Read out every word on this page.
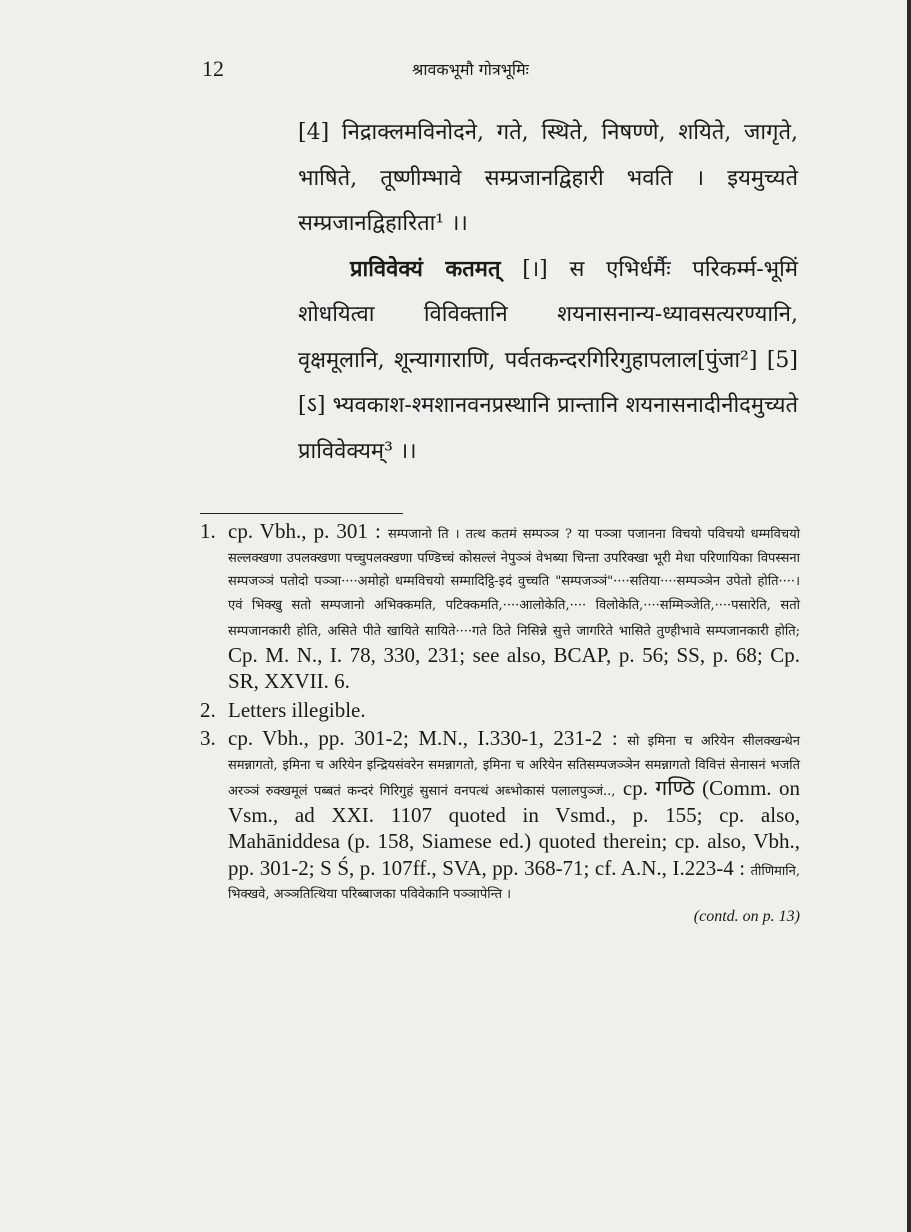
12	श्रावकभूमौ गोत्रभूमिः

[4] निद्राक्लमविनोदने, गते, स्थिते, निषण्णे, शयिते, जागृते, भाषिते, तूष्णीम्भावे सम्प्रजानद्विहारी भवति । इयमुच्यते सम्प्रजानद्विहारिता¹ ।।

प्राविवेक्यं कतमत् [।] स एभिर्धर्मैः परिकर्म्म-भूमिं शोधयित्वा विविक्तानि शयनासनान्य-ध्यावसत्यरण्यानि, वृक्षमूलानि, शून्यागाराणि, पर्वतकन्दरगिरिगुहापलाल[पुंजा²] [5][ऽ] भ्यवकाश-श्मशानवनप्रस्थानि प्रान्तानि शयनासनादीनीदमुच्यते प्राविवेक्यम्³ ।।

1. cp. Vbh., p. 301 : सम्पजानो ति । तत्थ कतमं सम्पञ्ञ ? या पञ्ञा पजानना विचयो पविचयो धम्मविचयो सल्लक्खणा उपलक्खणा पच्चुपलक्खणा पण्डिच्चं कोसल्लं नेपुञ्ञं वेभब्या चिन्ता उपरिक्खा भूरी मेधा परिणायिका विपस्सना सम्पजञ्ञं पतोदो पञ्ञा····अमोहो धम्मविचयो सम्मादिट्ठि-इदं वुच्चति "सम्पजञ्ञं"····सतिया····सम्पञ्ञेन उपेतो होति····। एवं भिक्खु सतो सम्पजानो अभिक्कमति, पटिक्कमति,····आलोकेति,···· विलोकेति,····सम्मिञ्जेति,····पसारेति, सतो सम्पजानकारी होति, असिते पीते खायिते सायिते····गते ठिते निसिन्ने सुत्ते जागरिते भासिते तुण्हीभावे सम्पजानकारी होति; Cp. M. N., I. 78, 330, 231; see also, BCAP, p. 56; SS, p. 68; Cp. SR, XXVII. 6.

2. Letters illegible.

3. cp. Vbh., pp. 301-2; M.N., I.330-1, 231-2 : सो इमिना च अरियेन सीलक्खन्धेन समन्नागतो, इमिना च अरियेन इन्द्रियसंवरेन समन्नागतो, इमिना च अरियेन सतिसम्पजञ्ञेन समन्नागतो विवित्तं सेनासनं भजति अरञ्ञं रुक्खमूलं पब्बतं कन्दरं गिरिगुहं सुसानं वनपत्थं अब्भोकासं पलालपुञ्जं.., cp. गण्ठि (Comm. on Vsm., ad XXI. 1107 quoted in Vsmd., p. 155; cp. also, Mahāniddesa (p. 158, Siamese ed.) quoted therein; cp. also, Vbh., pp. 301-2; S Ś, p. 107ff., SVA, pp. 368-71; cf. A.N., I.223-4 : तीणिमानि, भिक्खवे, अञ्ञतित्थिया परिब्बाजका पविवेकानि पञ्ञापेन्ति ।
(contd. on p. 13)
